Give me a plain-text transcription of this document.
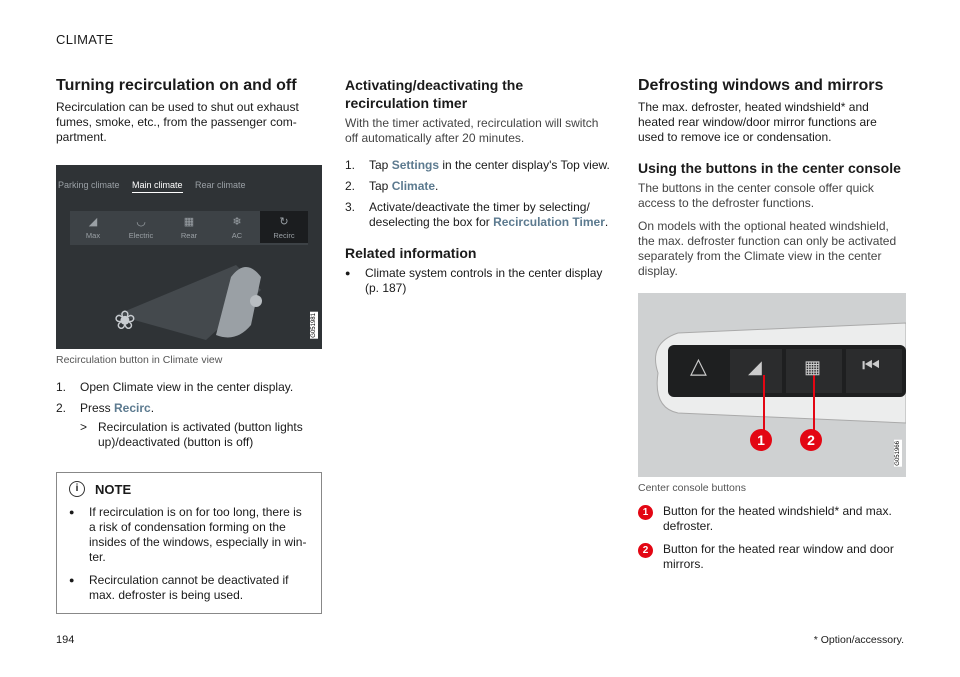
CLIMATE
Turning recirculation on and off

Recirculation can be used to shut out exhaust fumes, smoke, etc., from the passenger com-partment.

Parking climate Main climate Rear climate
◢
Max
◡
Electric
▦
Rear
❄
AC
↻
Recirc
❀	G051981
Recirculation button in Climate view
1.	Open Climate view in the center display.
2.	Press Recirc.
> Recirculation is activated (button lights up)/deactivated (button is off)
i	NOTE
●	If recirculation is on for too long, there is a risk of condensation forming on the insides of the windows, especially in win-ter.
●	Recirculation cannot be deactivated if max. defroster is being used.
Activating/deactivating the recirculation timer

With the timer activated, recirculation will switch off automatically after 20 minutes.

1.	Tap Settings in the center display's Top view.
2.	Tap Climate.
3.	Activate/deactivate the timer by selecting/ deselecting the box for Recirculation Timer.
Related information
●	Climate system controls in the center display (p. 187)
Defrosting windows and mirrors

The max. defroster, heated windshield* and heated rear window/door mirror functions are used to remove ice or condensation.

Using the buttons in the center console

The buttons in the center console offer quick access to the defroster functions.

On models with the optional heated windshield, the max. defroster function can only be activated separately from the Climate view in the center display.

△ ◢ ▦ ⏮
1	2
G051966
Center console buttons
1	Button for the heated windshield* and max. defroster.
2	Button for the heated rear window and door mirrors.
* Option/accessory.
194
